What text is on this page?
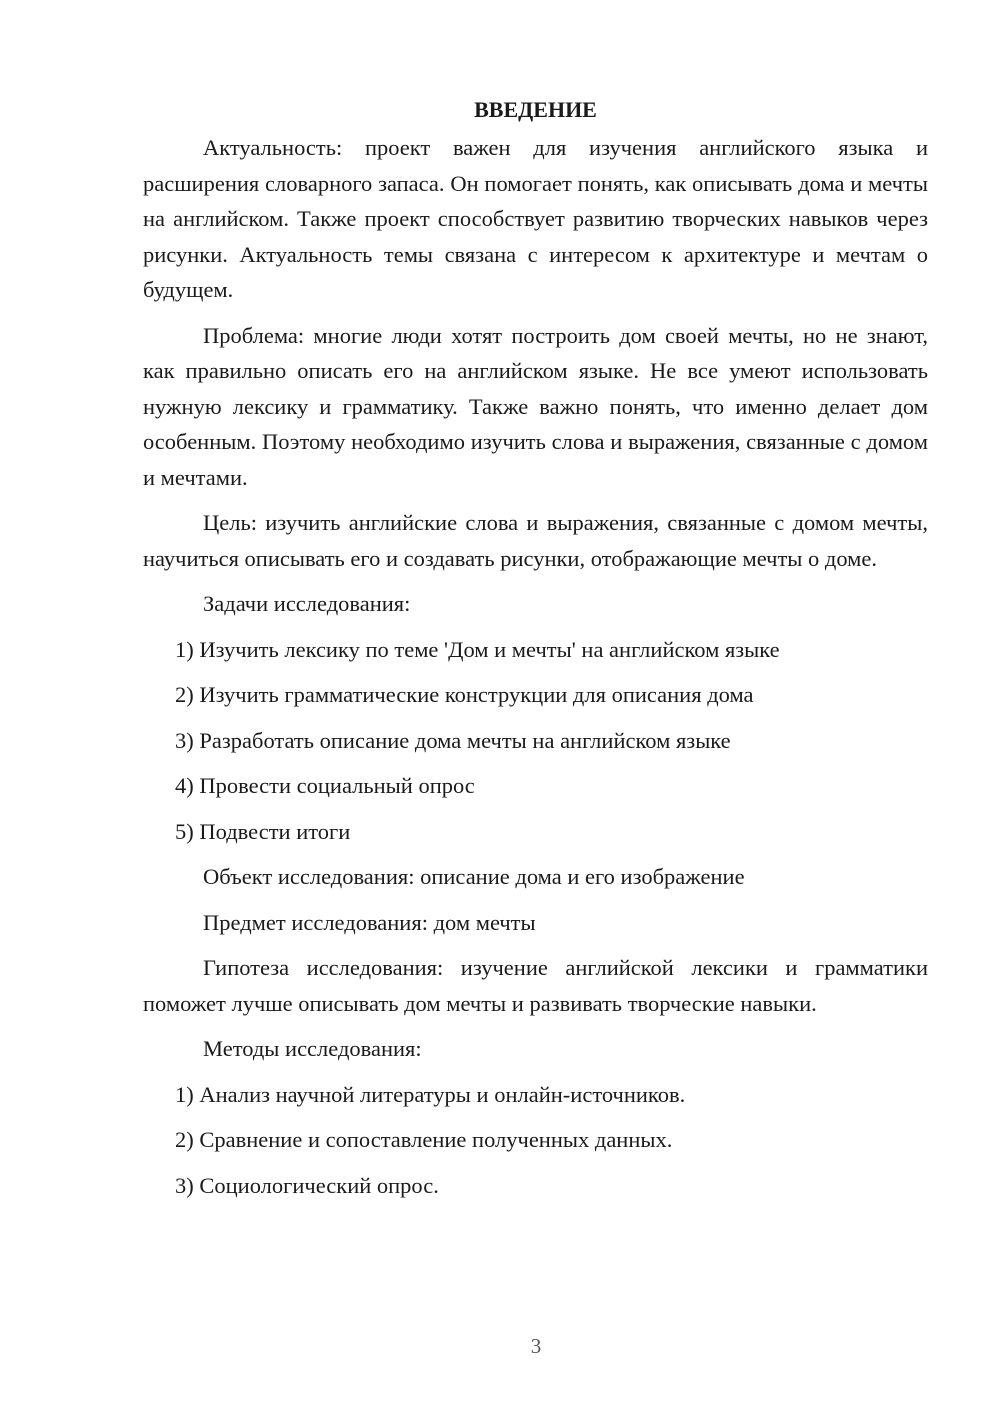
ВВЕДЕНИЕ

Актуальность: проект важен для изучения английского языка и расширения словарного запаса. Он помогает понять, как описывать дома и мечты на английском. Также проект способствует развитию творческих навыков через рисунки. Актуальность темы связана с интересом к архитектуре и мечтам о будущем.

Проблема: многие люди хотят построить дом своей мечты, но не знают, как правильно описать его на английском языке. Не все умеют использовать нужную лексику и грамматику. Также важно понять, что именно делает дом особенным. Поэтому необходимо изучить слова и выражения, связанные с домом и мечтами.

Цель: изучить английские слова и выражения, связанные с домом мечты, научиться описывать его и создавать рисунки, отображающие мечты о доме.

Задачи исследования:
1) Изучить лексику по теме 'Дом и мечты' на английском языке
2) Изучить грамматические конструкции для описания дома
3) Разработать описание дома мечты на английском языке
4) Провести социальный опрос
5) Подвести итоги
Объект исследования: описание дома и его изображение
Предмет исследования: дом мечты

Гипотеза исследования: изучение английской лексики и грамматики поможет лучше описывать дом мечты и развивать творческие навыки.

Методы исследования:
1) Анализ научной литературы и онлайн-источников.
2) Сравнение и сопоставление полученных данных.
3) Социологический опрос.
3
